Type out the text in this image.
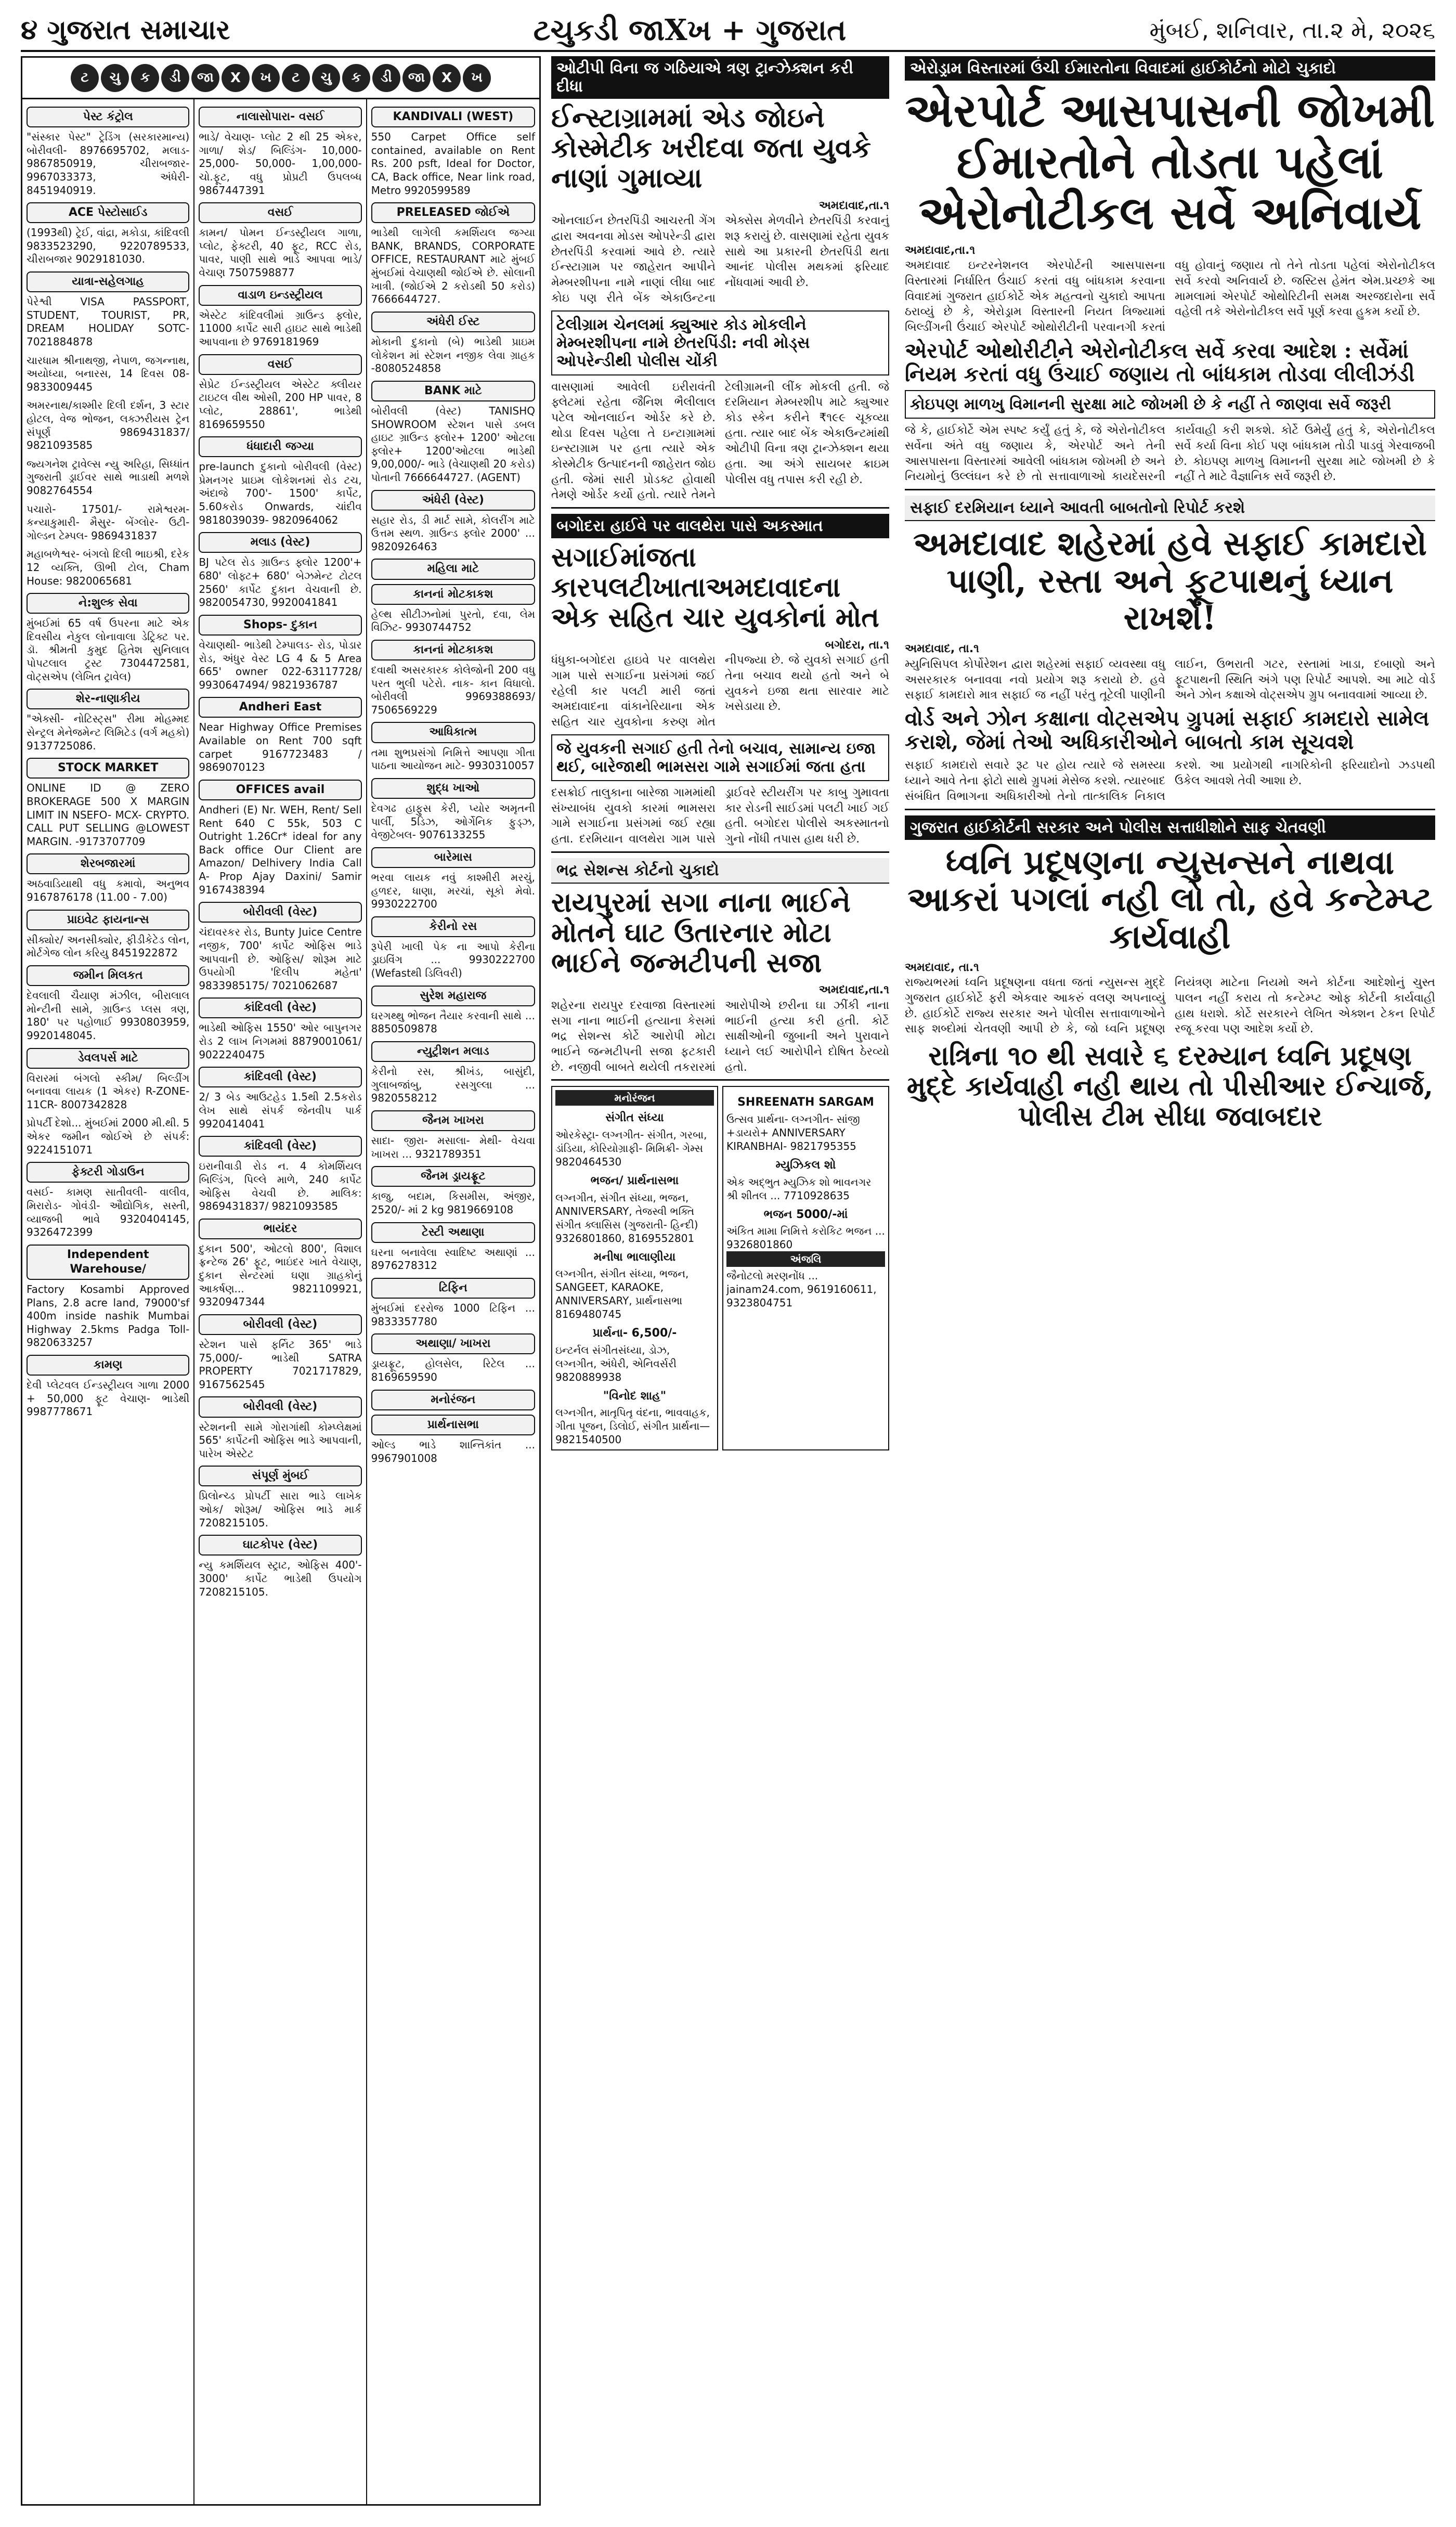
૪ ગુજરાત સમાચાર	ટચુકડી જાXખ + ગુજરાત	મુંબઈ, શનિવાર, તા.૨ મે, ૨૦૨૬
ટ	ચુ	ક	ડી	જા	X	ખ	ટ	ચુ	ક	ડી	જા	X	ખ
પેસ્ટ કંટ્રોલ
"સંસ્કાર પેસ્ટ" ટ્રેડિંગ (સરકારમાન્ય) બોરીવલી- 8976695702, મલાડ- 9867850919, ચીરાબજાર- 9967033373, અંધેરી- 8451940919.
ACE પેસ્ટોસાઈડ
(1993થી) ટ્રેઈ, વાંદ્રા, મકોડા, કાંદિવલી 9833523290, 9220789533, ચીરાબજાર 9029181030.
યાત્રા-સહેલગાહ
પેરેશ્વી VISA PASSPORT, STUDENT, TOURIST, PR, DREAM HOLIDAY SOTC- 7021884878
ચારધામ શ્રીનાથજી, નેપાળ, જગન્નાથ, અયોધ્યા, બનારસ, 14 દિવસ 08- 9833009445
અમરનાથ/કાશ્મીર દિલી દર્શન, 3 સ્ટાર હોટલ, વેજ ભોજન, લક્ઝરીયસ ટ્રેન સંપૂર્ણ 9869431837/ 9821093585
જ્યગનેશ ટ્રાવેલ્સ ન્યુ અરિહા, સિધ્ધાંત ગુજરાતી ડ્રાઈવર સાથે ભાડાથી મળશે 9082764554
પચારો- 17501/- રામેશ્વરમ- કન્યાકુમારી- મૈસુર- બેંગ્લોર- ઉટી- ગોલ્ડન ટેમ્પલ- 9869431837
મહાબળેશ્વર- બંગલો દિલી ભાઇશ્રી, દરેક 12 વ્યક્તિ, ઊભી ટોલ, Cham House: 9820065681
ને:શુલ્ક સેવા
મુંબઈમાં 65 વર્ષ ઉપરના માટે એક દિવસીય નેકુલ લોનાવાલા ડેટ્રિક્ટ પર. ડૉ. શ્રીમતી કુમુદ હિતેશ સુનિલાલ પોપટલાલ ટ્રસ્ટ 7304472581, વોટ્સએપ (લેખિત ટ્રાવેલ)
શેર-નાણાકીય
"એક્સી- નોટિસ્ટ્સ" રીમા મોહમ્મદ સેન્ટ્રલ મેનેજમેન્ટ લિમિટેડ (વર્ગ મહકો) 9137725086.
STOCK MARKET
ONLINE ID @ ZERO BROKERAGE 500 X MARGIN LIMIT IN NSEFO- MCX- CRYPTO. CALL PUT SELLING @LOWEST MARGIN. -9173707709
શેરબજારમાં
અઠવાડિયાથી વધુ કમાવો, અનુભવ 9167876178 (11.00 - 7.00)
પ્રાઇવેટ ફાયનાન્સ
સીક્યોર/ અનસીક્યોર, ફીડીકેટેડ લોન, મોર્ટગેજ લોન કરિયુ 8451922872
જમીન મિલકત
દેવલાલી ચૈયાણ મંઝીલ, બીરાલાલ મોન્ટીની સામે, ગ્રાઉન્ડ પ્લસ ત્રણ, 180' પર પહોળાઈ 9930803959, 9920148045.
ડેવલપર્સ માટે
વિરારમાં બંગલો સ્કીમ/ બિલ્ડીંગ બનાવવા લાયક (1 એકર) R-ZONE- 11CR- 8007342828
પ્રોપર્ટી દેશો... મુંબઈમાં 2000 મી.થી. 5 એકર જમીન જોઈએ છે સંપર્ક: 9224151071
ફેક્ટરી ગોડાઉન
વસઈ- કામણ સાતીવલી- વાલીવ, મિરારોડ- ગોવંડી- ઔદ્યોગિક, સસ્તી, વ્યાજબી ભાવે 9320404145, 9326472399
Independent Warehouse/
Factory Kosambi Approved Plans, 2.8 acre land, 79000'sf 400m inside nashik Mumbai Highway 2.5kms Padga Toll- 9820633257
કામણ
દેવી પ્લેટવલ ઈન્ડસ્ટ્રીયલ ગાળા 2000 + 50,000 ફૂટ વેચાણ- ભાડેથી 9987778671
નાલાસોપારા- વસઈ
ભાડે/ વેચાણ- પ્લોટ 2 થી 25 એકર, ગાળા/ શેડ/ બિલ્ડિંગ- 10,000- 25,000- 50,000- 1,00,000- ચો.ફૂટ, વધુ પ્રોપ્રટી ઉપલબ્ધ 9867447391
વસઈ
કામન/ પોમન ઈન્ડસ્ટ્રીયલ ગાળા, પ્લોટ, ફેક્ટરી, 40 ફૂટ, RCC રોડ, પાવર, પાણી સાથે ભાડે આપવા ભાડે/ વેચાણ 7507598877
વાડાળ ઇન્ડસ્ટ્રીયલ
એસ્ટેટ કાંદિવલીમાં ગ્રાઉન્ડ ફ્લોર, 11000 કાર્પેટ સારી હાઇટ સાથે ભાડેથી આપવાના છે 9769181969
વસઈ
સેપ્રેટ ઈન્ડસ્ટ્રીયલ એસ્ટેટ ક્લીયર ટાઇટલ વીથ ઓસી, 200 HP પાવર, 8 પ્લોટ, 28861', ભાડેથી 8169659550
ધંધાદારી જગ્યા
pre-launch દુકાનો બોરીવલી (વેસ્ટ) પ્રેમનગર પ્રાઇમ લોકેશનમાં રોડ ટચ, અંદાજે 700'- 1500' કાર્પેટ, 5.60કરોડ Onwards, ચાંદીવ 9818039039- 9820964062
મલાડ (વેસ્ટ)
BJ પટેલ રોડ ગ્રાઉન્ડ ફ્લોર 1200'+ 680' લોફ્ટ+ 680' બેઝમેન્ટ ટોટલ 2560' કાર્પેટ દુકાન વેચવાની છે. 9820054730, 9920041841
Shops- દુકાન
વેચાણથી- ભાડેથી ટેમ્પાલડ- રોડ, પોડાર રોડ, અંધુર વેસ્ટ LG 4 & 5 Area 665' owner 022-63117728/ 9930647494/ 9821936787
Andheri East
Near Highway Office Premises Available on Rent 700 sqft carpet 9167723483 / 9869070123
OFFICES avail
Andheri (E) Nr. WEH, Rent/ Sell Rent 640 C 55k, 503 C Outright 1.26Cr* ideal for any Back office Our Client are Amazon/ Delhivery India Call A- Prop Ajay Daxini/ Samir 9167438394
બોરીવલી (વેસ્ટ)
ચંદાવરકર રોડ, Bunty Juice Centre નજીક, 700' કાર્પેટ ઓફિસ ભાડે આપવાની છે. ઓફિસ/ શોરૂમ માટે ઉપયોગી 'દિલીપ મહેતા' 9833985175/ 7021062687
કાંદિવલી (વેસ્ટ)
ભાડેથી ઓફિસ 1550' ઓર બાપુનગર રોડ 2 લાખ નિગમમાં 8879001061/ 9022240475
કાંદિવલી (વેસ્ટ)
2/ 3 બેડ આઉટહેડ 1.5થી 2.5કરોડ લેખ સાથે સંપર્ક જેનવીપ પાર્ક 9920414041
કાંદિવલી (વેસ્ટ)
ઇરાનીવાડી રોડ ન. 4 કોમર્શિયલ બિલ્ડિંગ, પિલ્લે માળે, 240 કાર્પેટ ઓફિસ વેચવી છે. માલિક: 9869431837/ 9821093585
ભાયંદર
દુકાન 500', ઓટલો 800', વિશાલ ફ્રન્ટેજ 26' ફૂટ, ભાઇંદર ખાતે વેચાણ, દુકાન સેન્ટરમાં ઘણા ગ્રાહકોનું આકર્ષણ... 9821109921, 9320947344
બોરીવલી (વેસ્ટ)
સ્ટેશન પાસે ફર્નિટ 365' ભાડે 75,000/- ભાડેથી SATRA PROPERTY 7021717829, 9167562545
બોરીવલી (વેસ્ટ)
સ્ટેશનની સામે ગોરાગાંથી કોમ્પ્લેક્ષમાં 565' કાર્પેટની ઓફિસ ભાડે આપવાની, પારેખ એસ્ટેટ
સંપૂર્ણ મુંબઈ
પ્રિલોન્ચ્ડ પ્રોપર્ટી સારા ભાડે લાખેક ઓક/ શોરૂમ/ ઓફિસ ભાડે માર્ક 7208215105.
ઘાટકોપર (વેસ્ટ)
ન્યુ કમર્શિયલ સ્ટ્રાટ, ઓફિસ 400'- 3000' કાર્પેટ ભાડેથી ઉપયોગ 7208215105.
KANDIVALI (WEST)
550 Carpet Office self contained, available on Rent Rs. 200 psft, Ideal for Doctor, CA, Back office, Near link road, Metro 9920599589
PRELEASED જોઈએ
ભાડેથી લાગેલી કમર્શિયલ જગ્યા BANK, BRANDS, CORPORATE OFFICE, RESTAURANT માટે મુંબઈ મુંબઈમાં વેચાણથી જોઈએ છે. સોલાની ખાત્રી. (જોઈએ 2 કરોડથી 50 કરોડ) 7666644727.
અંધેરી ઈસ્ટ
મોકાની દુકાનો (બે) ભાડેથી પ્રાઇમ લોકેશન માં સ્ટેશન નજીક લેવા ગ્રાહક -8080524858
BANK માટે
બોરીવલી (વેસ્ટ) TANISHQ SHOWROOM સ્ટેશન પાસે ડબલ હાઇટ ગ્રાઉન્ડ ફ્લોર+ 1200' ઓટલા ફ્લોર+ 1200'ઓટલા ભાડેથી 9,00,000/- ભાડે (વેચાણથી 20 કરોડ) પોતાની 7666644727. (AGENT)
અંધેરી (વેસ્ટ)
સહાર રોડ, ડી માર્ટ સામે, કોલરીંગ માટે ઉત્તમ સ્થળ. ગ્રાઉન્ડ ફ્લોર 2000' ... 9820926463
મહિલા માટે
કાનનાં મોટકાકશ
હેલ્થ સીટીઝનોમાં પુરતો, દવા, લેમ વિઝિટ- 9930744752
કાનનાં મોટકાકશ
દવાથી અસરકારક કોલેજોની 200 વધુ પરત ભુલી પટેરો. નાક- કાન વિધાલો. બોરીવલી 9969388693/ 7506569229
આધિકાત્મ
તમા શુભપ્રસંગો નિમિત્તે આપણા ગીતા પાઠના આયોજન માટે- 9930310057
શુદ્ધ ખાઓ
દેવગઢ હાફુસ કેરી, પ્યોર અમૃતની પાર્લી, 5ડિઝ, ઓર્ગેનિક ફુડ્ઝ, વેજીટેબલ- 9076133255
બારેમાસ
ભરવા લાયક નવું કાશ્મીરી મરચું, હળદર, ધાણા, મરચાં, સૂકો મેવો. 9930222700
કેરીનો રસ
રૂપેરી ખાલી પેક ના આપો કેરીના ડ્રાઇવિંગ ... 9930222700 (Wefastથી ડિલિવરી)
સુરેશ મહારાજ
ઘરગથ્થુ ભોજન તૈયાર કરવાની સાથે ... 8850509878
ન્યુટ્રીશન મલાડ
કેરીનો રસ, શ્રીખંડ, બાસુંદી, ગુલાબજાંબુ, રસગુલ્લા ... 9820558212
જૈનમ ખાખરા
સાદા- જીરા- મસાલા- મેથી- વેચવા ખાખરા ... 9321789351
જૈનમ ડ્રાયફ્રૂટ
કાજુ, બદામ, કિસમીસ, અંજીર, 2520/- માં 2 kg 9819669108
ટેસ્ટી અથાણા
ઘરના બનાવેલા સ્વાદિષ્ટ અથાણાં ... 8976278312
ટિફિન
મુંબઈમાં દરરોજ 1000 ટિફિન ... 9833357780
અથાણા/ ખાખરા
ડ્રાયફ્રૂટ, હોલસેલ, રિટેલ ... 8169659590
મનોરંજન
પ્રાર્થનાસભા
ઓલ્ડ ભાડે શાન્તિકાંત ... 9967901008
ઓટીપી વિના જ ગઠિયાએ ત્રણ ટ્રાન્ઝેક્શન કરી દીધા
ઈન્સ્ટાગ્રામમાં એડ જોઇને કોસ્મેટીક ખરીદવા જતા યુવકે નાણાં ગુમાવ્યા
અમદાવાદ,તા.૧
ઓનલાઈન છેતરપિંડી આચરતી ગેંગ દ્વારા અવનવા મોડસ ઓપરેન્ડી દ્વારા છેતરપિંડી કરવામાં આવે છે. ત્યારે ઈન્સ્ટાગ્રામ પર જાહેરાત આપીને મેમ્બરશીપના નામે નાણાં લીધા બાદ કોઇ પણ રીતે બેંક એકાઉન્ટના એક્સેસ મેળવીને છેતરપિંડી કરવાનું શરૂ કરાયું છે. વાસણામાં રહેતા યુવક સાથે આ પ્રકારની છેતરપિંડી થતા આનંદ પોલીસ મથકમાં ફરિયાદ નોંધવામાં આવી છે.
ટેલીગ્રામ ચેનલમાં ક્યુઆર કોડ મોકલીને મેમ્બરશીપના નામે છેતરપિંડી: નવી મોડ્સ ઓપરેન્ડીથી પોલીસ ચોંકી
વાસણામાં આવેલી ઇરીરાવંતી ફ્લેટમાં રહેતા જૈનિશ ભૈલીલાલ પટેલ ઓનલાઈન ઓર્ડર કરે છે. થોડા દિવસ પહેલા તે ઇન્ટાગ્રામમાં ઇન્સ્ટાગ્રામ પર હતા ત્યારે એક કોસ્મેટીક ઉત્પાદનની જાહેરાત જોઇ હતી. જેમાં સારી પ્રોડક્ટ હોવાથી તેમણે ઓર્ડર કર્યો હતો. ત્યારે તેમને ટેલીગ્રામની લીંક મોકલી હતી. જે દરમિયાન મેમ્બરશીપ માટે ક્યુઆર કોડ સ્કેન કરીને ₹૧૯૯ ચૂકવ્યા હતા. ત્યાર બાદ બેંક એકાઉન્ટમાંથી ઓટીપી વિના ત્રણ ટ્રાન્ઝેક્શન થયા હતા. આ અંગે સાયબર ક્રાઇમ પોલીસ વધુ તપાસ કરી રહી છે.
બગોદરા હાઈવે પર વાલથેરા પાસે અકસ્માત
સગાઈમાંજતા કારપલટીખાતાઅમદાવાદના એક સહિત ચાર યુવકોનાં મોત
બગોદરા, તા.૧
ધંધુકા-બગોદરા હાઇવે પર વાલથેરા ગામ પાસે સગાઈના પ્રસંગમાં જઈ રહેલી કાર પલટી મારી જતાં અમદાવાદના વાંકાનેરિયાના એક સહિત ચાર યુવકોના કરુણ મોત નીપજ્યા છે. જે યુવકો સગાઈ હતી તેના બચાવ થયો હતો અને બે યુવકને ઇજા થતા સારવાર માટે ખસેડાયા છે.
જે યુવકની સગાઈ હતી તેનો બચાવ, સામાન્ય ઇજા થઈ, બારેજાથી ભામસરા ગામે સગાઈમાં જતા હતા
દસક્રોઈ તાલુકાના બારેજા ગામમાંથી સંખ્યાબંધ યુવકો કારમાં ભામસરા ગામે સગાઈના પ્રસંગમાં જઈ રહ્યા હતા. દરમિયાન વાલથેરા ગામ પાસે ડ્રાઈવરે સ્ટીયરીંગ પર કાબુ ગુમાવતા કાર રોડની સાઈડમાં પલટી ખાઈ ગઈ હતી. બગોદરા પોલીસે અકસ્માતનો ગુનો નોંધી તપાસ હાથ ધરી છે.
ભદ્ર સેશન્સ કોર્ટનો ચુકાદો
રાયપુરમાં સગા નાના ભાઈને મોતને ઘાટ ઉતારનાર મોટા ભાઈને જન્મટીપની સજા
અમદાવાદ,તા.૧
શહેરના રાયપુર દરવાજા વિસ્તારમાં સગા નાના ભાઈની હત્યાના કેસમાં ભદ્ર સેશન્સ કોર્ટે આરોપી મોટા ભાઈને જન્મટીપની સજા ફટકારી છે. નજીવી બાબતે થયેલી તકરારમાં આરોપીએ છરીના ઘા ઝીંકી નાના ભાઈની હત્યા કરી હતી. કોર્ટે સાક્ષીઓની જુબાની અને પુરાવાને ધ્યાને લઈ આરોપીને દોષિત ઠેરવ્યો હતો.
મનોરંજન
સંગીત સંધ્યા
ઓરકેસ્ટ્રા- લગ્નગીત- સંગીત, ગરબા, ડાંડિયા, કોરિયોગ્રાફી- મિમિક્રી- ગેમ્સ 9820464530
ભજન/ પ્રાર્થનાસભા
લગ્નગીત, સંગીત સંધ્યા, ભજન, ANNIVERSARY, તેજસ્વી ભક્તિ સંગીત ક્લાસિસ (ગુજરાતી- હિન્દી) 9326801860, 8169552801
મનીષા ભાલાણીયા
લગ્નગીત, સંગીત સંધ્યા, ભજન, SANGEET, KARAOKE, ANNIVERSARY, પ્રાર્થનાસભા 8169480745
પ્રાર્થના- 6,500/-
ઇન્ટર્નલ સંગીતસંધ્યા, ડોઝ, લગ્નગીત, અંધેરી, એનિવર્સરી 9820889938
"વિનોદ શાહ"
લગ્નગીત, માતૃપિતૃ વંદના, ભાવવાહક, ગીતા પૂજન, ડિલોઈ, સંગીત પ્રાર્થના— 9821540500
SHREENATH SARGAM
ઉત્સવ પ્રાર્થના- લગ્નગીત- સાંજી +ડાયરો+ ANNIVERSARY KIRANBHAI- 9821795355
મ્યુઝિકલ શો
એક અદ્ભુત મ્યુઝિક શો ભાવનગર શ્રી શીતલ ... 7710928635
ભજન 5000/-માં
અંકિત મામા નિમિત્તે કરોકિટ ભજન ... 9326801860
અંજલિ
જૈનોટલો મરણનોંધ ... jainam24.com, 9619160611, 9323804751
એરોડ્રામ વિસ્તારમાં ઉંચી ઈમારતોના વિવાદમાં હાઈકોર્ટનો મોટો ચુકાદો
એરપોર્ટ આસપાસની જોખમી ઈમારતોને તોડતા પહેલાં એરોનોટીકલ સર્વે અનિવાર્ય
અમદાવાદ,તા.૧
અમદાવાદ ઇન્ટરનેશનલ એરપોર્ટની આસપાસના વિસ્તારમાં નિર્ધારિત ઉંચાઈ કરતાં વધુ બાંધકામ કરવાના વિવાદમાં ગુજરાત હાઈકોર્ટે એક મહત્વનો ચુકાદો આપતા ઠરાવ્યું છે કે, એરોડ્રામ વિસ્તારની નિયત ત્રિજ્યામાં બિલ્ડીંગની ઉંચાઈ એરપોર્ટ ઓથોરીટીની પરવાનગી કરતાં વધુ હોવાનું જણાય તો તેને તોડતા પહેલાં એરોનોટીકલ સર્વે કરવો અનિવાર્ય છે. જસ્ટિસ હેમંત એમ.પ્રચ્છકે આ મામલામાં એરપોર્ટ ઓથોરિટીની સમક્ષ અરજદારોના સર્વે વહેલી તકે એરોનોટીકલ સર્વે પૂર્ણ કરવા હુકમ કર્યો છે.
એરપોર્ટ ઓથોરીટીને એરોનોટીકલ સર્વે કરવા આદેશ : સર્વેમાં નિયમ કરતાં વધુ ઉંચાઈ જણાય તો બાંધકામ તોડવા લીલીઝંડી
કોઇપણ માળખુ વિમાનની સુરક્ષા માટે જોખમી છે કે નહીં તે જાણવા સર્વે જરૂરી
જે કે, હાઈકોર્ટે એમ સ્પષ્ટ કર્યું હતું કે, જે એરોનોટીકલ સર્વેના અંતે વધુ જણાય કે, એરપોર્ટ અને તેની આસપાસના વિસ્તારમાં આવેલી બાંધકામ જોખમી છે અને નિયમોનું ઉલ્લંઘન કરે છે તો સત્તાવાળાઓ કાયદેસરની કાર્યવાહી કરી શકશે. કોર્ટે ઉમેર્યું હતું કે, એરોનોટીકલ સર્વે કર્યા વિના કોઈ પણ બાંધકામ તોડી પાડવું ગેરવાજબી છે. કોઇપણ માળખુ વિમાનની સુરક્ષા માટે જોખમી છે કે નહીં તે માટે વૈજ્ઞાનિક સર્વે જરૂરી છે.
સફાઈ દરમિયાન ધ્યાને આવતી બાબતોનો રિપોર્ટ કરશે
અમદાવાદ શહેરમાં હવે સફાઈ કામદારો પાણી, રસ્તા અને ફૂટપાથનું ધ્યાન રાખશે!
અમદાવાદ, તા.૧
મ્યુનિસિપલ કોર્પોરેશન દ્વારા શહેરમાં સફાઈ વ્યવસ્થા વધુ અસરકારક બનાવવા નવો પ્રયોગ શરૂ કરાયો છે. હવે સફાઈ કામદારો માત્ર સફાઈ જ નહીં પરંતુ તૂટેલી પાણીની લાઈન, ઉભરાતી ગટર, રસ્તામાં ખાડા, દબાણો અને ફૂટપાથની સ્થિતિ અંગે પણ રિપોર્ટ આપશે. આ માટે વોર્ડ અને ઝોન કક્ષાએ વોટ્સએપ ગ્રુપ બનાવવામાં આવ્યા છે.
વોર્ડ અને ઝોન કક્ષાના વોટ્સએપ ગ્રુપમાં સફાઈ કામદારો સામેલ કરાશે, જેમાં તેઓ અધિકારીઓને બાબતો કામ સૂચવશે
સફાઈ કામદારો સવારે રૂટ પર હોય ત્યારે જે સમસ્યા ધ્યાને આવે તેના ફોટો સાથે ગ્રુપમાં મેસેજ કરશે. ત્યારબાદ સંબંધિત વિભાગના અધિકારીઓ તેનો તાત્કાલિક નિકાલ કરશે. આ પ્રયોગથી નાગરિકોની ફરિયાદોનો ઝડપથી ઉકેલ આવશે તેવી આશા છે.
ગુજરાત હાઈકોર્ટની સરકાર અને પોલીસ સત્તાધીશોને સાફ ચેતવણી
ધ્વનિ પ્રદૂષણના ન્યુસન્સને નાથવા આકરાં પગલાં નહી લો તો, હવે કન્ટેમ્પ્ટ કાર્યવાહી
અમદાવાદ, તા.૧
રાજ્યભરમાં ધ્વનિ પ્રદૂષણના વધતા જતાં ન્યુસન્સ મુદ્દે ગુજરાત હાઈકોર્ટે ફરી એકવાર આકરું વલણ અપનાવ્યું છે. હાઈકોર્ટે રાજ્ય સરકાર અને પોલીસ સત્તાવાળાઓને સાફ શબ્દોમાં ચેતવણી આપી છે કે, જો ધ્વનિ પ્રદૂષણ નિયંત્રણ માટેના નિયમો અને કોર્ટના આદેશોનું ચુસ્ત પાલન નહીં કરાય તો કન્ટેમ્પ્ટ ઓફ કોર્ટની કાર્યવાહી હાથ ધરાશે. કોર્ટે સરકારને લેખિત એક્શન ટેકન રિપોર્ટ રજૂ કરવા પણ આદેશ કર્યો છે.
રાત્રિના ૧૦ થી સવારે ૬ દરમ્યાન ધ્વનિ પ્રદૂષણ મુદ્દે કાર્યવાહી નહી થાય તો પીસીઆર ઈન્ચાર્જ, પોલીસ ટીમ સીધા જવાબદાર
